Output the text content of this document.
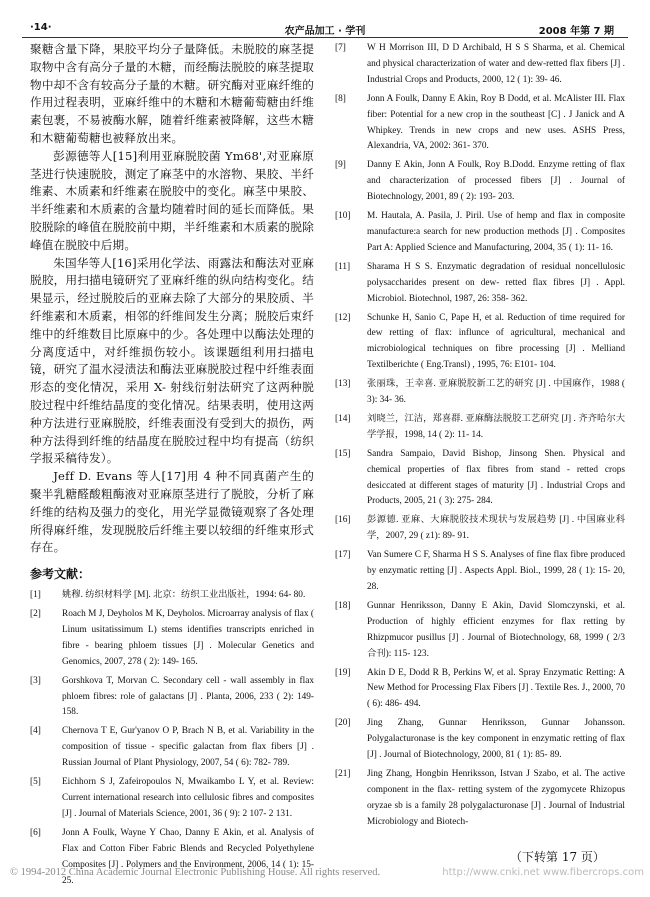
·14·	农产品加工 · 学刊	2008 年第 7 期

聚糖含量下降，果胶平均分子量降低。未脱胶的麻茎提取物中含有高分子量的木糖，而经酶法脱胶的麻茎提取物中却不含有较高分子量的木糖。研究酶对亚麻纤维的作用过程表明，亚麻纤维中的木糖和木糖葡萄糖由纤维素包裹，不易被酶水解，随着纤维素被降解，这些木糖和木糖葡萄糖也被释放出来。

彭源德等人[15]利用亚麻脱胶菌 Ym68',对亚麻原茎进行快速脱胶，测定了麻茎中的水溶物、果胶、半纤维素、木质素和纤维素在脱胶中的变化。麻茎中果胶、半纤维素和木质素的含量均随着时间的延长而降低。果胶脱除的峰值在脱胶前中期，半纤维素和木质素的脱除峰值在脱胶中后期。

朱国华等人[16]采用化学法、雨露法和酶法对亚麻脱胶，用扫描电镜研究了亚麻纤维的纵向结构变化。结果显示，经过脱胶后的亚麻去除了大部分的果胶质、半纤维素和木质素，相邻的纤维间发生分离；脱胶后束纤维中的纤维数目比原麻中的少。各处理中以酶法处理的分离度适中，对纤维损伤较小。该课题组利用扫描电镜，研究了温水浸渍法和酶法亚麻脱胶过程中纤维表面形态的变化情况，采用 X- 射线衍射法研究了这两种脱胶过程中纤维结晶度的变化情况。结果表明，使用这两种方法进行亚麻脱胶，纤维表面没有受到大的损伤，两种方法得到纤维的结晶度在脱胶过程中均有提高（纺织学报采稿待发）。

Jeff D. Evans 等人[17]用 4 种不同真菌产生的聚半乳糖醛酸粗酶液对亚麻原茎进行了脱胶，分析了麻纤维的结构及强力的变化，用光学显微镜观察了各处理所得麻纤维，发现脱胶后纤维主要以较细的纤维束形式存在。

参考文献：
[1] 姚穆. 纺织材料学 [M]. 北京：纺织工业出版社，1994: 64- 80.
[2] Roach M J, Deyholos M K, Deyholos. Microarray analysis of flax ( Linum usitatissimum L) stems identifies transcripts enriched in fibre - bearing phloem tissues [J] . Molecular Genetics and Genomics, 2007, 278 ( 2): 149- 165.
[3] Gorshkova T, Morvan C. Secondary cell - wall assembly in flax phloem fibres: role of galactans [J] . Planta, 2006, 233 ( 2): 149- 158.
[4] Chernova T E, Gur'yanov O P, Brach N B, et al. Variability in the composition of tissue - specific galactan from flax fibers [J] . Russian Journal of Plant Physiology, 2007, 54 ( 6): 782- 789.
[5] Eichhorn S J, Zafeiropoulos N, Mwaikambo L Y, et al. Review: Current international research into cellulosic fibres and composites [J] . Journal of Materials Science, 2001, 36 ( 9): 2 107- 2 131.
[6] Jonn A Foulk, Wayne Y Chao, Danny E Akin, et al. Analysis of Flax and Cotton Fiber Fabric Blends and Recycled Polyethylene Composites [J] . Polymers and the Environment, 2006, 14 ( 1): 15- 25.
[7] W H Morrison III, D D Archibald, H S S Sharma, et al. Chemical and physical characterization of water and dew-retted flax fibers [J] . Industrial Crops and Products, 2000, 12 ( 1): 39- 46.
[8] Jonn A Foulk, Danny E Akin, Roy B Dodd, et al. McAlister III. Flax fiber: Potential for a new crop in the southeast [C] . J Janick and A Whipkey. Trends in new crops and new uses. ASHS Press, Alexandria, VA, 2002: 361- 370.
[9] Danny E Akin, Jonn A Foulk, Roy B.Dodd. Enzyme retting of flax and characterization of processed fibers [J] . Journal of Biotechnology, 2001, 89 ( 2): 193- 203.
[10] M. Hautala, A. Pasila, J. Piril. Use of hemp and flax in composite manufacture:a search for new production methods [J] . Composites Part A: Applied Science and Manufacturing, 2004, 35 ( 1): 11- 16.
[11] Sharama H S S. Enzymatic degradation of residual noncellulosic polysaccharides present on dew- retted flax fibres [J] . Appl. Microbiol. Biotechnol, 1987, 26: 358- 362.
[12] Schunke H, Sanio C, Pape H, et al. Reduction of time required for dew retting of flax: influnce of agricultural, mechanical and microbiological techniques on fibre processing [J] . Melliand Textilberichte ( Eng.Transl) , 1995, 76: E101- 104.
[13] 张丽珠，王幸喜. 亚麻脱胶新工艺的研究 [J] . 中国麻作，1988 ( 3): 34- 36.
[14] 刘晓兰，江洁，郑喜群. 亚麻酶法脱胶工艺研究 [J] . 齐齐哈尔大学学报，1998, 14 ( 2): 11- 14.
[15] Sandra Sampaio, David Bishop, Jinsong Shen. Physical and chemical properties of flax fibres from stand - retted crops desiccated at different stages of maturity [J] . Industrial Crops and Products, 2005, 21 ( 3): 275- 284.
[16] 彭源德. 亚麻、大麻脱胶技术现状与发展趋势 [J] . 中国麻业科学，2007, 29 ( z1): 89- 91.
[17] Van Sumere C F, Sharma H S S. Analyses of fine flax fibre produced by enzymatic retting [J] . Aspects Appl. Biol., 1999, 28 ( 1): 15- 20, 28.
[18] Gunnar Henriksson, Danny E Akin, David Slomczynski, et al. Production of highly efficient enzymes for flax retting by Rhizpmucor pusillus [J] . Journal of Biotechnology, 68, 1999 ( 2/3 合刊): 115- 123.
[19] Akin D E, Dodd R B, Perkins W, et al. Spray Enzymatic Retting: A New Method for Processing Flax Fibers [J] . Textile Res. J., 2000, 70 ( 6): 486- 494.
[20] Jing Zhang, Gunnar Henriksson, Gunnar Johansson. Polygalacturonase is the key component in enzymatic retting of flax [J] . Journal of Biotechnology, 2000, 81 ( 1): 85- 89.
[21] Jing Zhang, Hongbin Henriksson, Istvan J Szabo, et al. The active component in the flax- retting system of the zygomycete Rhizopus oryzae sb is a family 28 polygalacturonase [J] . Journal of Industrial Microbiology and Biotech-
（下转第 17 页）
© 1994-2012 China Academic Journal Electronic Publishing House. All rights reserved.	http://www.cnki.net www.fibercrops.com
